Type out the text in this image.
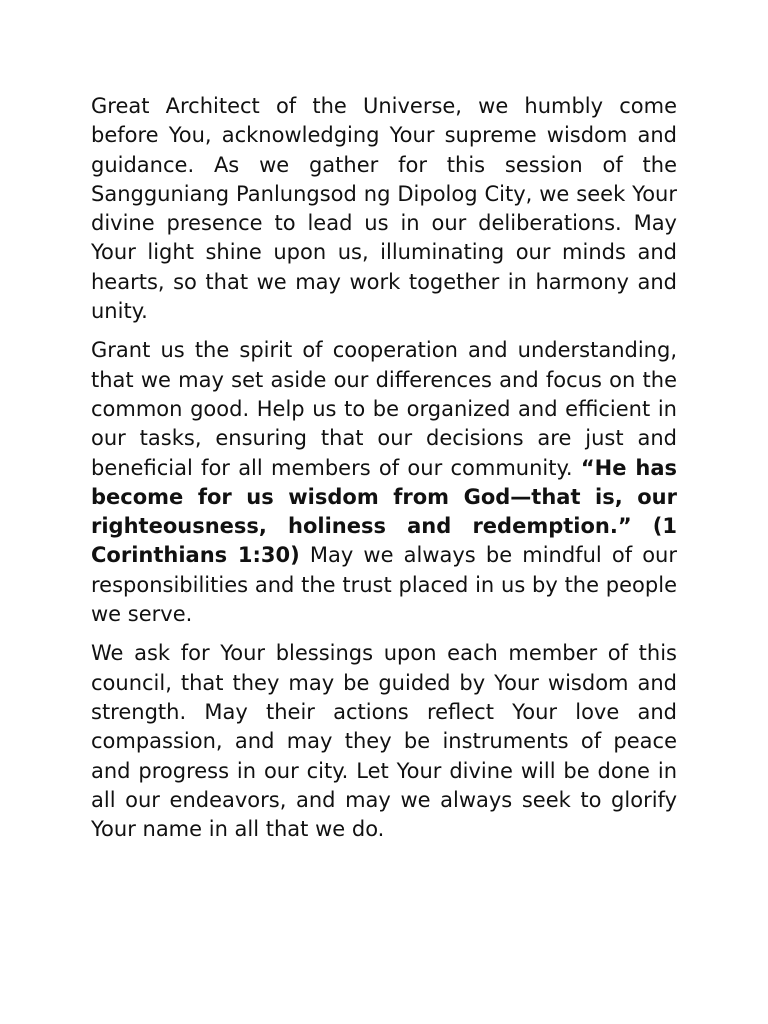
Great Architect of the Universe, we humbly come before You, acknowledging Your supreme wisdom and guidance. As we gather for this session of the Sangguniang Panlungsod ng Dipolog City, we seek Your divine presence to lead us in our deliberations. May Your light shine upon us, illuminating our minds and hearts, so that we may work together in harmony and unity.

Grant us the spirit of cooperation and understanding, that we may set aside our differences and focus on the common good. Help us to be organized and efficient in our tasks, ensuring that our decisions are just and beneficial for all members of our community. “He has become for us wisdom from God—that is, our righteousness, holiness and redemption.” (1 Corinthians 1:30) May we always be mindful of our responsibilities and the trust placed in us by the people we serve.

We ask for Your blessings upon each member of this council, that they may be guided by Your wisdom and strength. May their actions reflect Your love and compassion, and may they be instruments of peace and progress in our city. Let Your divine will be done in all our endeavors, and may we always seek to glorify Your name in all that we do.
